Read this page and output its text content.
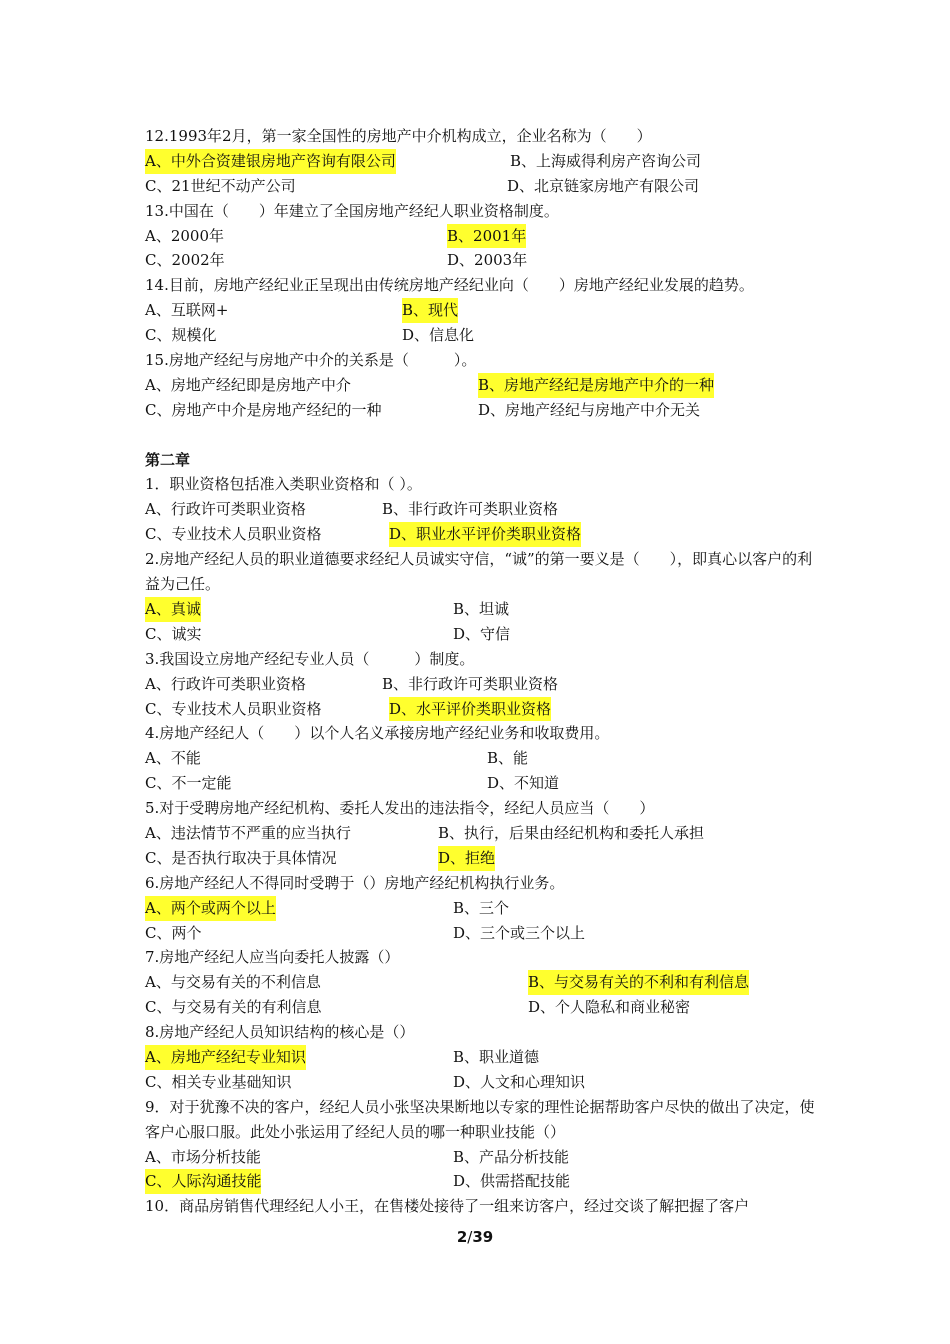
12.1993年2月，第一家全国性的房地产中介机构成立，企业名称为（　　）
A、中外合资建银房地产咨询有限公司	B、上海威得利房产咨询公司
C、21世纪不动产公司	D、北京链家房地产有限公司
13.中国在（　　）年建立了全国房地产经纪人职业资格制度。
A、2000年	B、2001年
C、2002年	D、2003年
14.目前，房地产经纪业正呈现出由传统房地产经纪业向（　　）房地产经纪业发展的趋势。
A、互联网+	B、现代
C、规模化	D、信息化
15.房地产经纪与房地产中介的关系是（　　　）。
A、房地产经纪即是房地产中介	B、房地产经纪是房地产中介的一种
C、房地产中介是房地产经纪的一种	D、房地产经纪与房地产中介无关
第二章
1．职业资格包括准入类职业资格和（ ）。
A、行政许可类职业资格	B、非行政许可类职业资格
C、专业技术人员职业资格	D、职业水平评价类职业资格
2.房地产经纪人员的职业道德要求经纪人员诚实守信，“诚”的第一要义是（　　），即真心以客户的利益为己任。
A、真诚	B、坦诚
C、诚实	D、守信
3.我国设立房地产经纪专业人员（　　　）制度。
A、行政许可类职业资格	B、非行政许可类职业资格
C、专业技术人员职业资格	D、水平评价类职业资格
4.房地产经纪人（　　）以个人名义承接房地产经纪业务和收取费用。
A、不能	B、能
C、不一定能	D、不知道
5.对于受聘房地产经纪机构、委托人发出的违法指令，经纪人员应当（　　）
A、违法情节不严重的应当执行	B、执行，后果由经纪机构和委托人承担
C、是否执行取决于具体情况	D、拒绝
6.房地产经纪人不得同时受聘于（）房地产经纪机构执行业务。
A、两个或两个以上	B、三个
C、两个	D、三个或三个以上
7.房地产经纪人应当向委托人披露（）
A、与交易有关的不利信息	B、与交易有关的不利和有利信息
C、与交易有关的有利信息	D、个人隐私和商业秘密
8.房地产经纪人员知识结构的核心是（）
A、房地产经纪专业知识	B、职业道德
C、相关专业基础知识	D、人文和心理知识
9．对于犹豫不决的客户，经纪人员小张坚决果断地以专家的理性论据帮助客户尽快的做出了决定，使客户心服口服。此处小张运用了经纪人员的哪一种职业技能（）
A、市场分析技能	B、产品分析技能
C、人际沟通技能	D、供需搭配技能
10．商品房销售代理经纪人小王，在售楼处接待了一组来访客户，经过交谈了解把握了客户
2/39
